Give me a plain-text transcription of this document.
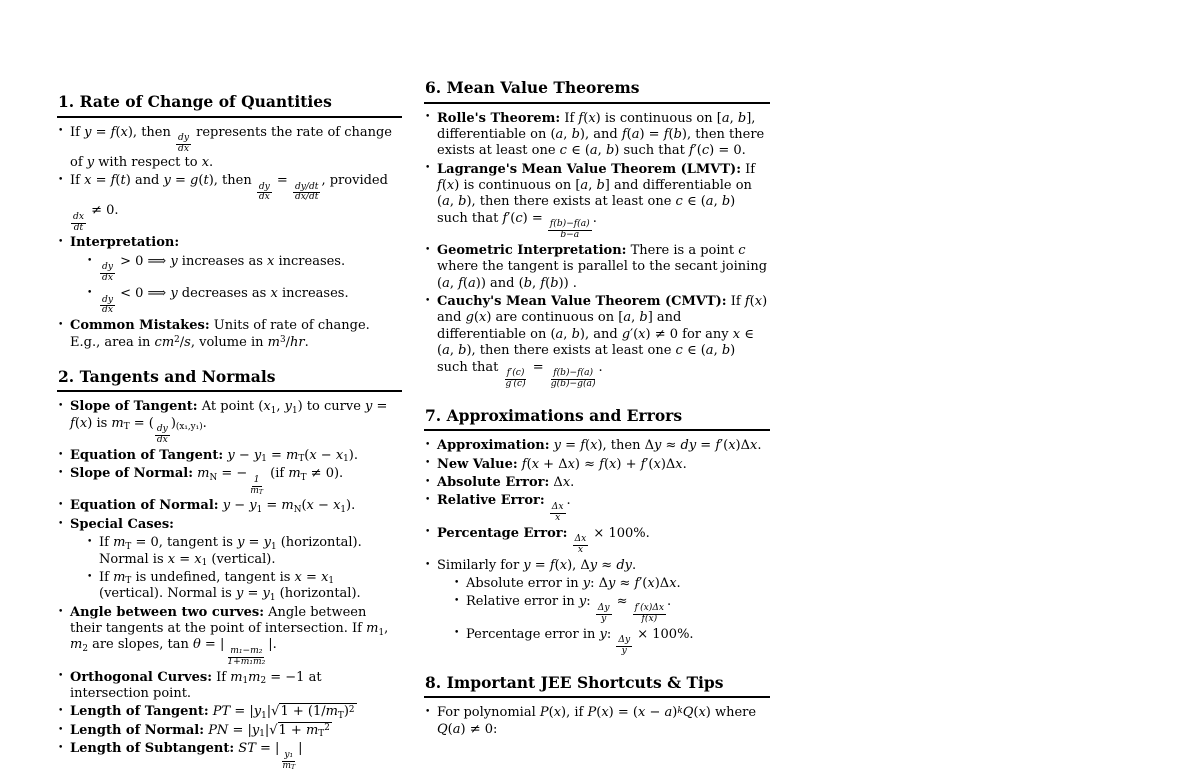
1. Rate of Change of Quantities
• If y = f(x), then
$\frac{dy}{dx}$
represents the rate of change of y with respect to x.
• If x = f(t) and y = g(t), then
$\frac{dy}{dx}$
=
$\frac{dy/dt}{dx/dt}$
, provided
$\frac{dx}{dt}$
≠ 0.
• Interpretation:
•
$\frac{dy}{dx}$
> 0 ⟹ y increases as x increases.
•
$\frac{dy}{dx}$
< 0 ⟹ y decreases as x increases.
• Common Mistakes: Units of rate of change. E.g., area in $cm^2/s$, volume in $m^3/hr$.
2. Tangents and Normals
• Slope of Tangent: At point ($x_1$, $y_1$) to curve y = f(x) is $m_T$ = (
$\frac{dy}{dx}$
)$_{(x_1,y_1)}$.
• Equation of Tangent: $y - y_1 = m_T(x - x_1)$.
• Slope of Normal: $m_N$ = −
$\frac{1}{m_T}$
(if $m_T \ne 0$).
• Equation of Normal: $y - y_1 = m_N(x - x_1)$.
• Special Cases:
• If $m_T = 0$, tangent is $y = y_1$ (horizontal). Normal is $x = x_1$ (vertical).
• If $m_T$ is undefined, tangent is $x = x_1$ (vertical). Normal is $y = y_1$ (horizontal).
• Angle between two curves: Angle between their tangents at the point of intersection. If $m_1$, $m_2$ are slopes, tan θ = |
$\frac{\text{m₁−m₂}}{\text{1+m₁m₂}}$
|.
• Orthogonal Curves: If $m_1m_2 = -1$ at intersection point.
• Length of Tangent: PT = $|y_1|√1 + (1/m_T)^2$
• Length of Normal: PN = $|y_1|√1 + m_T^2$
• Length of Subtangent: ST = |
$\frac{\text{y₁}}{m_T}$
|
6. Mean Value Theorems
• Rolle's Theorem: If f(x) is continuous on [a, b], differentiable on (a, b), and f(a) = f(b), then there exists at least one c ∈ (a, b) such that f′(c) = 0.
• Lagrange's Mean Value Theorem (LMVT): If f(x) is continuous on [a, b] and differentiable on (a, b), then there exists at least one c ∈ (a, b) such that f′(c) =
$\frac{f(b)-f(a)}{b-a}$
.
• Geometric Interpretation: There is a point c where the tangent is parallel to the secant joining (a, f(a)) and (b, f(b)) .
• Cauchy's Mean Value Theorem (CMVT): If f(x) and g(x) are continuous on [a, b] and differentiable on (a, b), and g′(x) ≠ 0 for any x ∈ (a, b), then there exists at least one c ∈ (a, b) such that
$\frac{f'(c)}{g'(c)}$
=
$\frac{f(b)-f(a)}{g(b)-g(a)}$
.
7. Approximations and Errors
• Approximation: y = f(x), then Δy ≈ dy = f′(x)Δx.
• New Value: f(x + Δx) ≈ f(x) + f′(x)Δx.
• Absolute Error: Δx.
• Relative Error:
$\frac{\Delta x}{x}$
.
• Percentage Error:
$\frac{\Delta x}{x}$
× 100%.
• Similarly for y = f(x), Δy ≈ dy.
• Absolute error in y: Δy ≈ f′(x)Δx.
• Relative error in y:
$\frac{\Delta y}{y}$
≈
$\frac{f'(x)\Delta x}{f(x)}$
.
• Percentage error in y:
$\frac{\Delta y}{y}$
× 100%.
8. Important JEE Shortcuts & Tips
• For polynomial P(x), if $P(x) = (x - a)^kQ(x)$ where Q(a) ≠ 0:
